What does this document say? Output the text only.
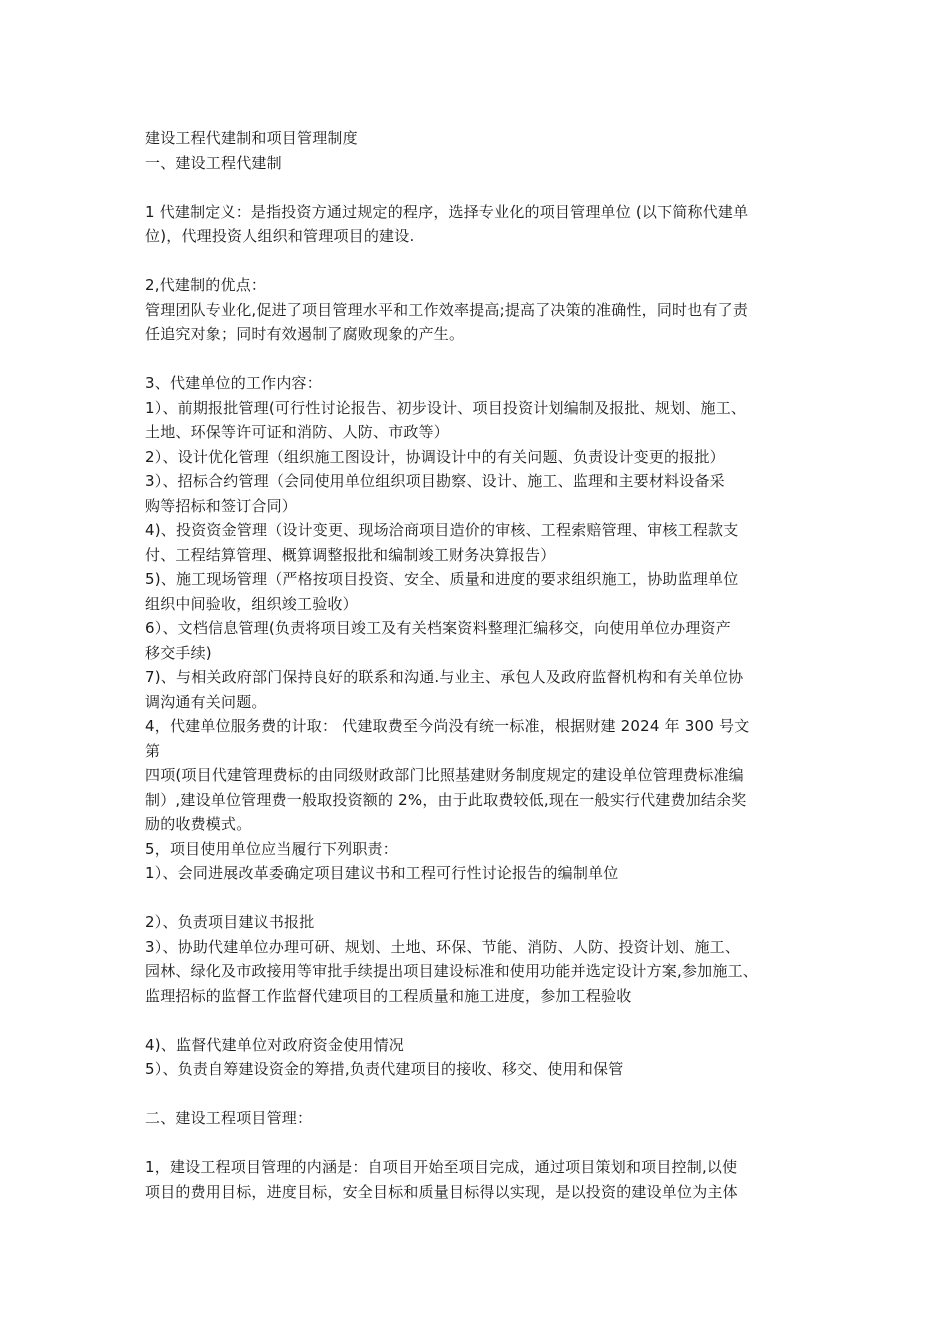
建设工程代建制和项目管理制度
一、建设工程代建制
1 代建制定义：是指投资方通过规定的程序，选择专业化的项目管理单位 (以下简称代建单
位)，代理投资人组织和管理项目的建设.
2,代建制的优点：
管理团队专业化,促进了项目管理水平和工作效率提高;提高了决策的准确性，同时也有了责
任追究对象；同时有效遏制了腐败现象的产生。
3、代建单位的工作内容：
1）、前期报批管理(可行性讨论报告、初步设计、项目投资计划编制及报批、规划、施工、
土地、环保等许可证和消防、人防、市政等）
2）、设计优化管理（组织施工图设计，协调设计中的有关问题、负责设计变更的报批）
3）、招标合约管理（会同使用单位组织项目勘察、设计、施工、监理和主要材料设备采
购等招标和签订合同）
4)、投资资金管理（设计变更、现场洽商项目造价的审核、工程索赔管理、审核工程款支
付、工程结算管理、概算调整报批和编制竣工财务决算报告）
5)、施工现场管理（严格按项目投资、安全、质量和进度的要求组织施工，协助监理单位
组织中间验收，组织竣工验收）
6）、文档信息管理(负责将项目竣工及有关档案资料整理汇编移交，向使用单位办理资产
移交手续)
7)、与相关政府部门保持良好的联系和沟通.与业主、承包人及政府监督机构和有关单位协
调沟通有关问题。
4，代建单位服务费的计取： 代建取费至今尚没有统一标准，根据财建 2024 年 300 号文
第
四项(项目代建管理费标的由同级财政部门比照基建财务制度规定的建设单位管理费标准编
制）,建设单位管理费一般取投资额的 2%，由于此取费较低,现在一般实行代建费加结余奖
励的收费模式。
5，项目使用单位应当履行下列职责：
1）、会同进展改革委确定项目建议书和工程可行性讨论报告的编制单位
2）、负责项目建议书报批
3）、协助代建单位办理可研、规划、土地、环保、节能、消防、人防、投资计划、施工、
园林、绿化及市政接用等审批手续提出项目建设标准和使用功能并选定设计方案,参加施工、
监理招标的监督工作监督代建项目的工程质量和施工进度，参加工程验收
4)、监督代建单位对政府资金使用情况
5）、负责自筹建设资金的筹措,负责代建项目的接收、移交、使用和保管
二、建设工程项目管理：
1，建设工程项目管理的内涵是：自项目开始至项目完成，通过项目策划和项目控制,以使
项目的费用目标，进度目标，安全目标和质量目标得以实现，是以投资的建设单位为主体
